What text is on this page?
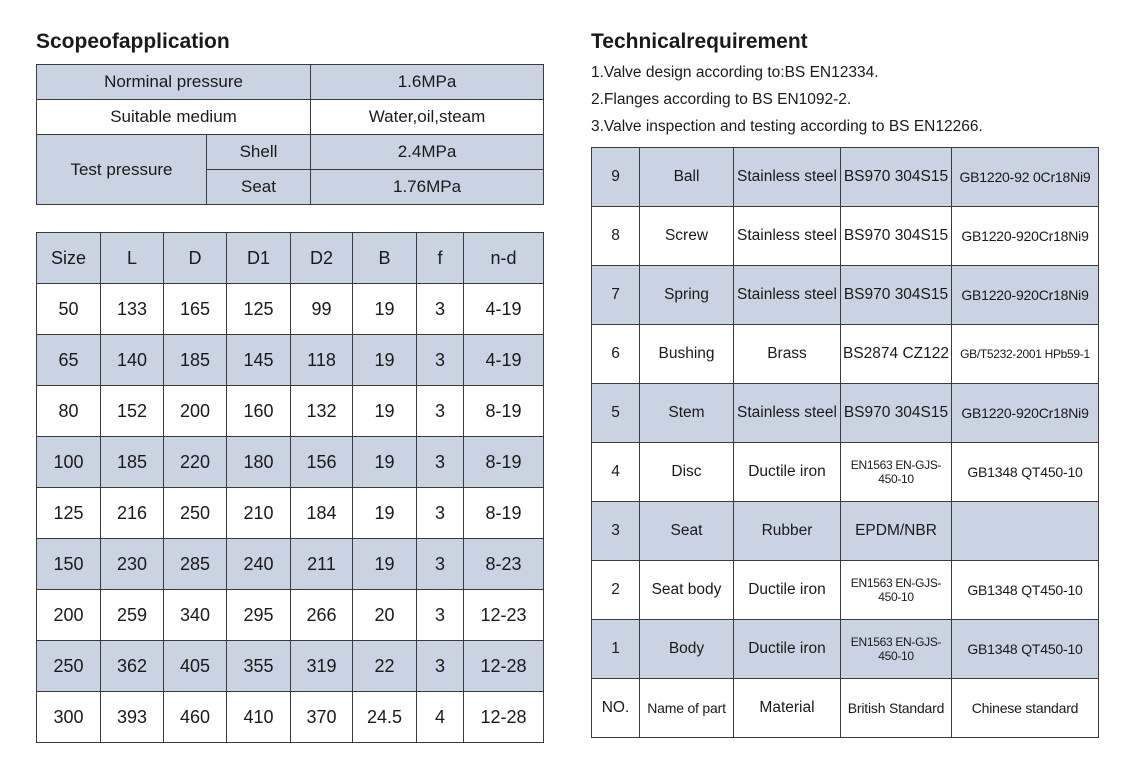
Scopeofapplication
Norminal pressure		1.6MPa
Suitable medium		Water,oil,steam
Test pressure	Shell	2.4MPa
	Seat	1.76MPa
Size	L	D	D1	D2	B	f	n-d
50	133	165	125	99	19	3	4-19
65	140	185	145	118	19	3	4-19
80	152	200	160	132	19	3	8-19
100	185	220	180	156	19	3	8-19
125	216	250	210	184	19	3	8-19
150	230	285	240	211	19	3	8-23
200	259	340	295	266	20	3	12-23
250	362	405	355	319	22	3	12-28
300	393	460	410	370	24.5	4	12-28
Technicalrequirement
1.Valve design according to:BS EN12334.
2.Flanges according to BS EN1092-2.
3.Valve inspection and testing according to BS EN12266.
9	Ball	Stainless steel	BS970 304S15	GB1220-92 0Cr18Ni9
8	Screw	Stainless steel	BS970 304S15	GB1220-920Cr18Ni9
7	Spring	Stainless steel	BS970 304S15	GB1220-920Cr18Ni9
6	Bushing	Brass	BS2874 CZ122	GB/T5232-2001 HPb59-1
5	Stem	Stainless steel	BS970 304S15	GB1220-920Cr18Ni9
4	Disc	Ductile iron	EN1563 EN-GJS-450-10	GB1348 QT450-10
3	Seat	Rubber	EPDM/NBR	
2	Seat body	Ductile iron	EN1563 EN-GJS-450-10	GB1348 QT450-10
1	Body	Ductile iron	EN1563 EN-GJS-450-10	GB1348 QT450-10
NO.	Name of part	Material	British Standard	Chinese standard
